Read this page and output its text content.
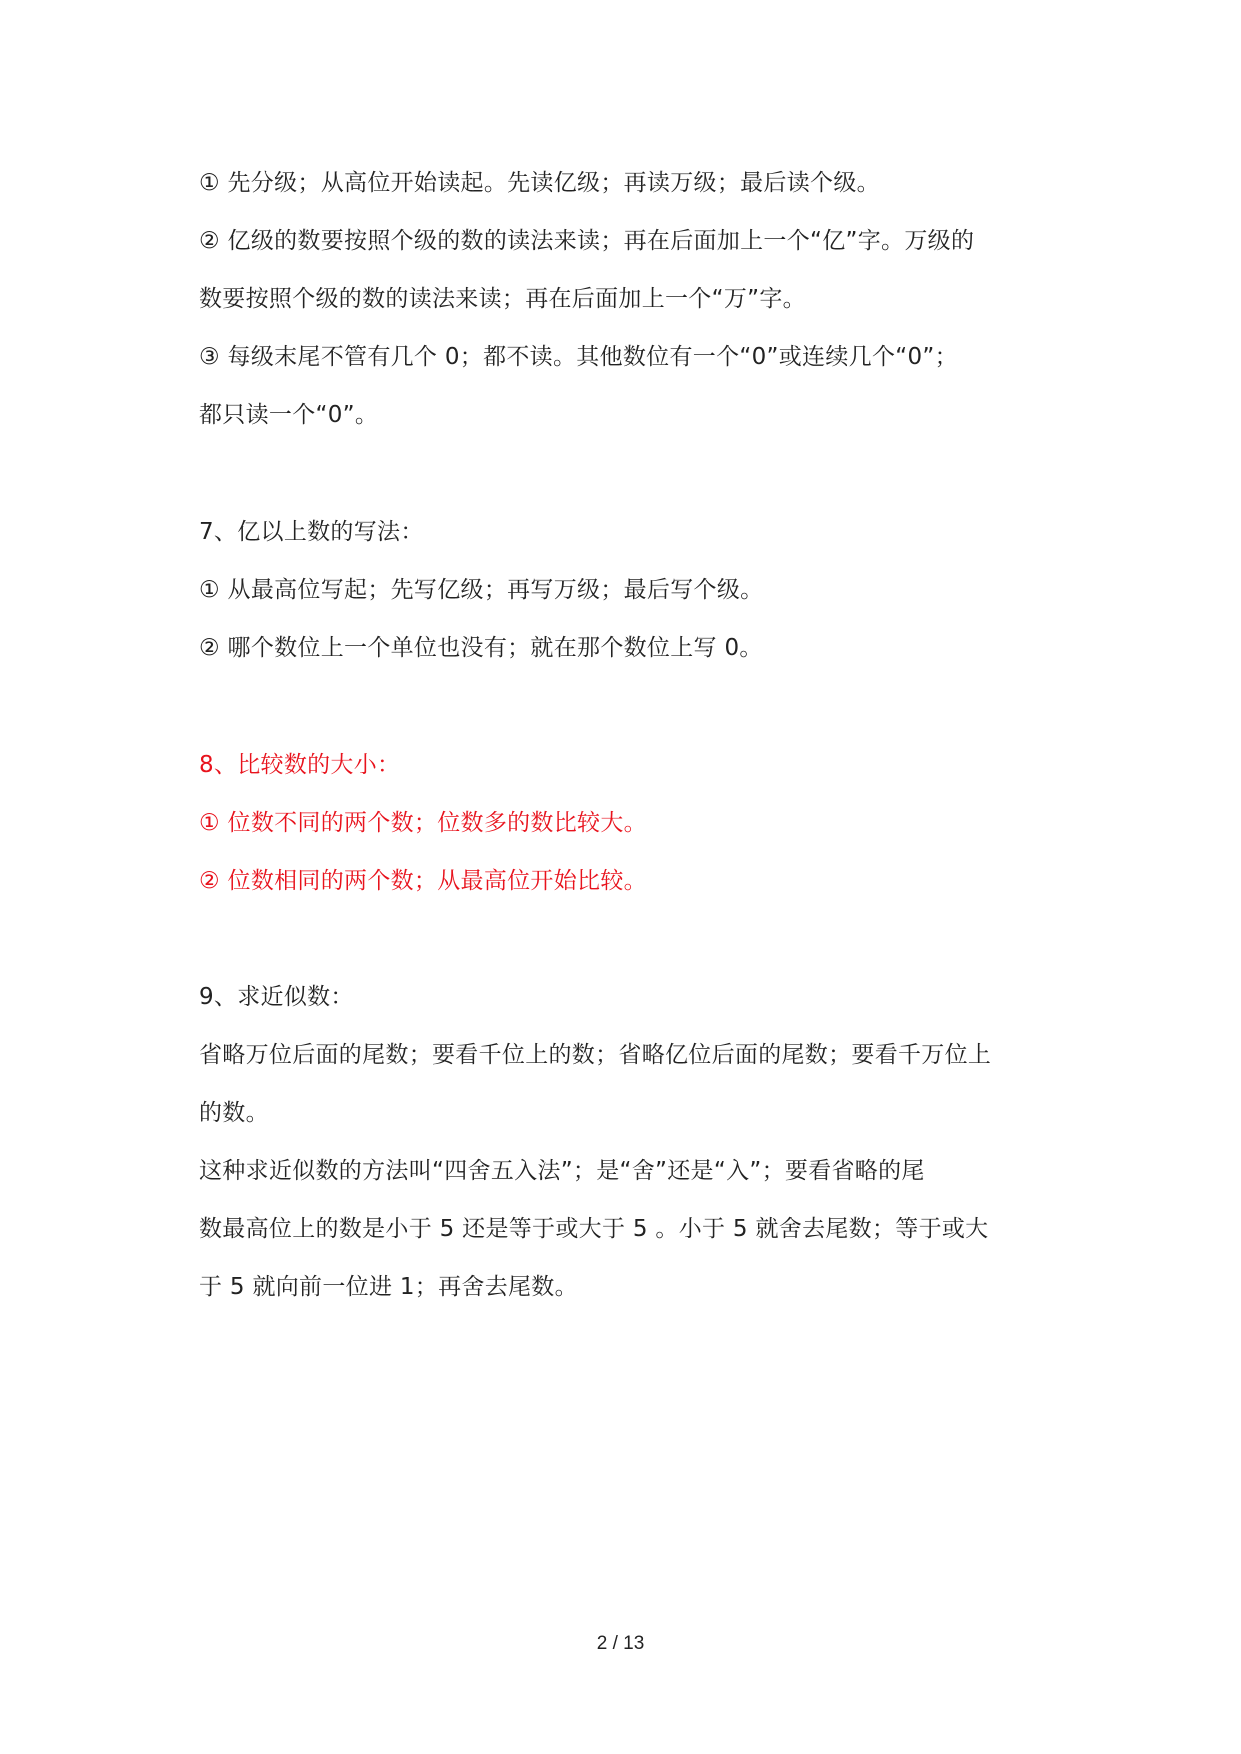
① 先分级；从高位开始读起。先读亿级；再读万级；最后读个级。
② 亿级的数要按照个级的数的读法来读；再在后面加上一个“亿”字。万级的
数要按照个级的数的读法来读；再在后面加上一个“万”字。
③ 每级末尾不管有几个 0；都不读。其他数位有一个“0”或连续几个“0”；
都只读一个“0”。
7、亿以上数的写法：
① 从最高位写起；先写亿级；再写万级；最后写个级。
② 哪个数位上一个单位也没有；就在那个数位上写 0。
8、比较数的大小：
① 位数不同的两个数；位数多的数比较大。
② 位数相同的两个数；从最高位开始比较。
9、求近似数：
省略万位后面的尾数；要看千位上的数；省略亿位后面的尾数；要看千万位上
的数。
这种求近似数的方法叫“四舍五入法”；是“舍”还是“入”；要看省略的尾
数最高位上的数是小于 5 还是等于或大于 5 。小于 5 就舍去尾数；等于或大
于 5 就向前一位进 1；再舍去尾数。
2 / 13
